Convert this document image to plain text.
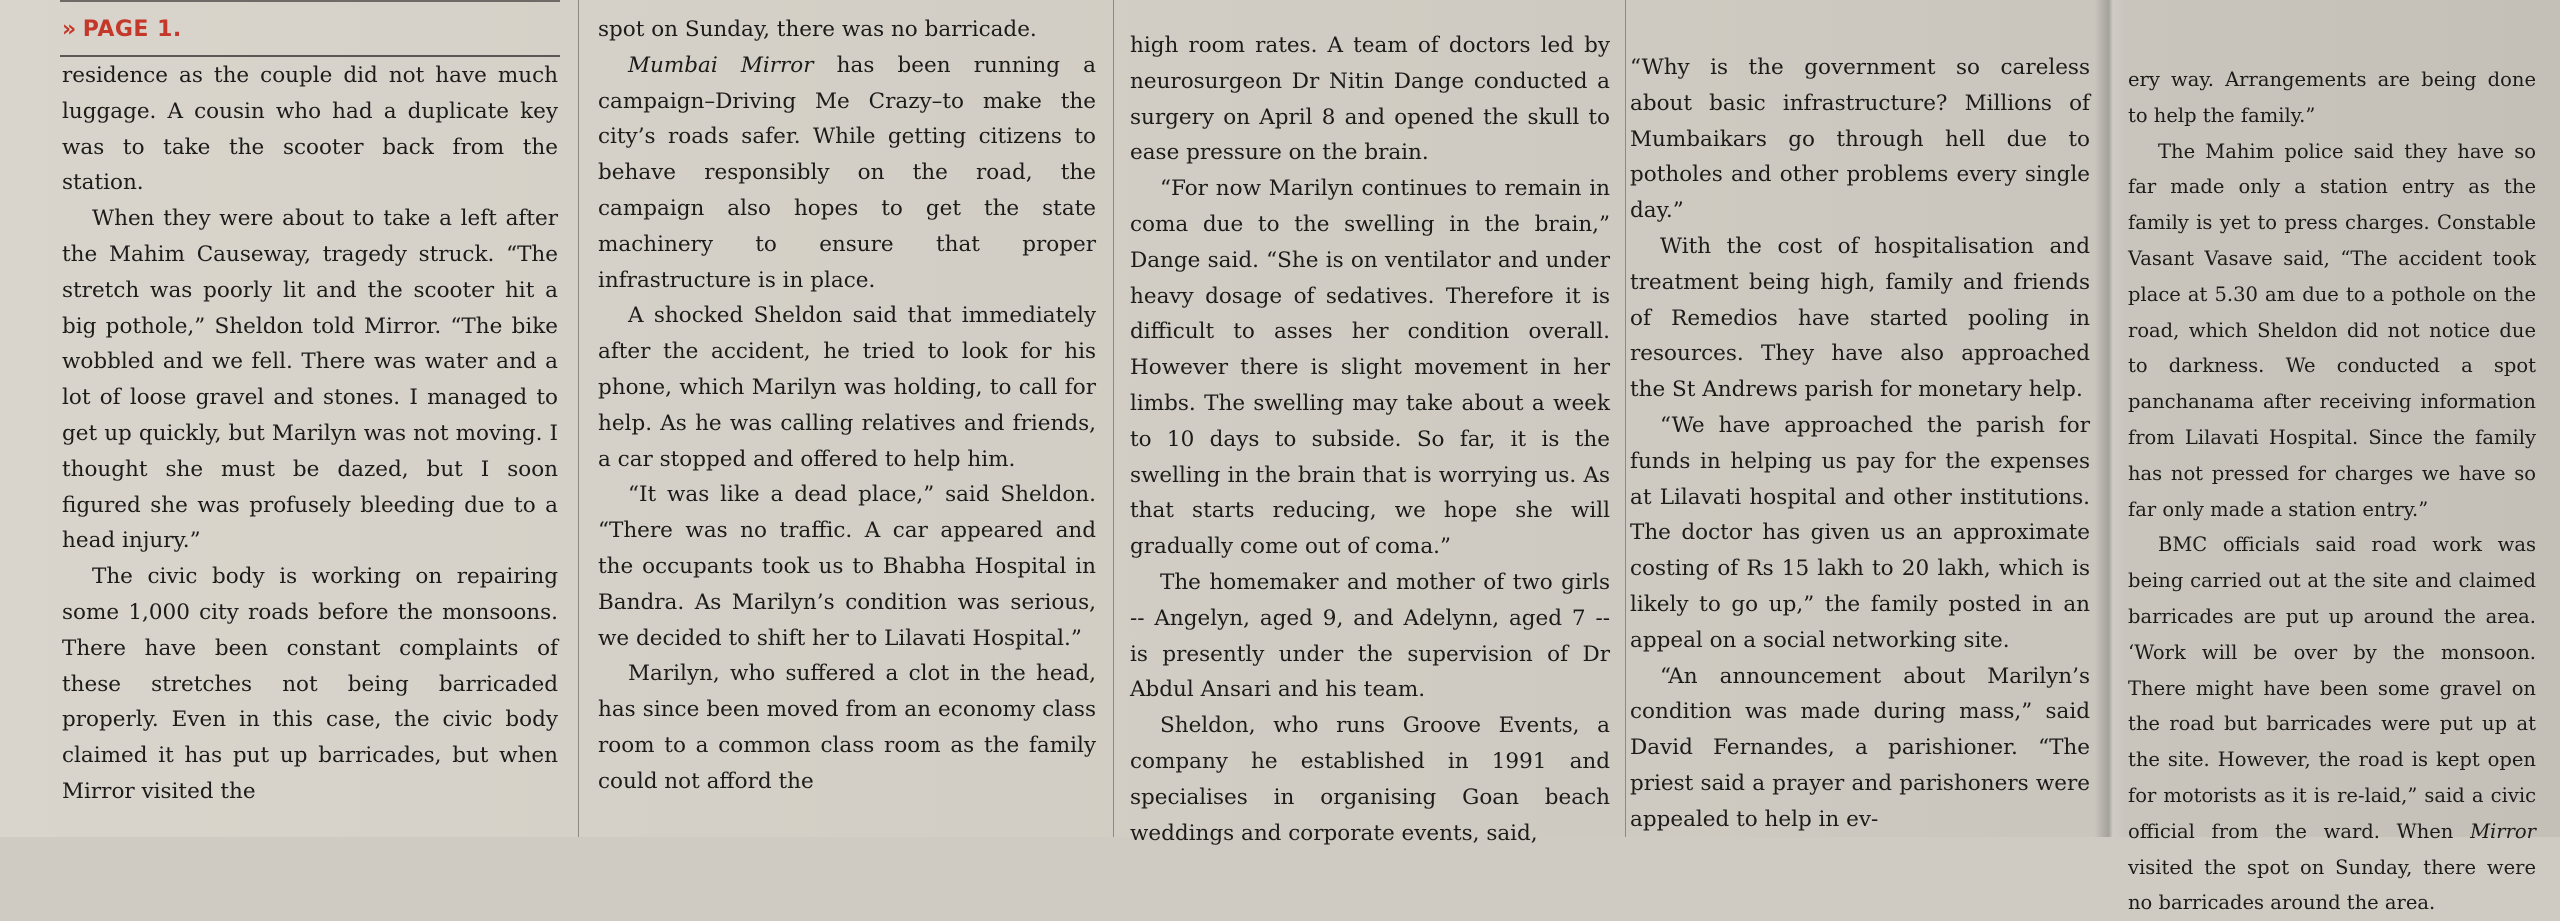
» PAGE 1.

residence as the couple did not have much luggage. A cousin who had a duplicate key was to take the scooter back from the station.

When they were about to take a left after the Mahim Causeway, tragedy struck. “The stretch was poorly lit and the scooter hit a big pothole,” Sheldon told Mirror. “The bike wobbled and we fell. There was water and a lot of loose gravel and stones. I managed to get up quickly, but Marilyn was not moving. I thought she must be dazed, but I soon figured she was profusely bleeding due to a head injury.”

The civic body is working on repairing some 1,000 city roads before the monsoons. There have been constant complaints of these stretches not being barricaded properly. Even in this case, the civic body claimed it has put up barricades, but when Mirror visited the

spot on Sunday, there was no barricade.

Mumbai Mirror has been running a campaign–Driving Me Crazy–to make the city’s roads safer. While getting citizens to behave responsibly on the road, the campaign also hopes to get the state machinery to ensure that proper infrastructure is in place.

A shocked Sheldon said that immediately after the accident, he tried to look for his phone, which Marilyn was holding, to call for help. As he was calling relatives and friends, a car stopped and offered to help him.

“It was like a dead place,” said Sheldon. “There was no traffic. A car appeared and the occupants took us to Bhabha Hospital in Bandra. As Marilyn’s condition was serious, we decided to shift her to Lilavati Hospital.”

Marilyn, who suffered a clot in the head, has since been moved from an economy class room to a common class room as the family could not afford the

high room rates. A team of doctors led by neurosurgeon Dr Nitin Dange conducted a surgery on April 8 and opened the skull to ease pressure on the brain.

“For now Marilyn continues to remain in coma due to the swelling in the brain,” Dange said. “She is on ventilator and under heavy dosage of sedatives. Therefore it is difficult to asses her condition overall. However there is slight movement in her limbs. The swelling may take about a week to 10 days to subside. So far, it is the swelling in the brain that is worrying us. As that starts reducing, we hope she will gradually come out of coma.”

The homemaker and mother of two girls -- Angelyn, aged 9, and Adelynn, aged 7 -- is presently under the supervision of Dr Abdul Ansari and his team.

Sheldon, who runs Groove Events, a company he established in 1991 and specialises in organising Goan beach weddings and corporate events, said,

“Why is the government so careless about basic infrastructure? Millions of Mumbaikars go through hell due to potholes and other problems every single day.”

With the cost of hospitalisation and treatment being high, family and friends of Remedios have started pooling in resources. They have also approached the St Andrews parish for monetary help.

“We have approached the parish for funds in helping us pay for the expenses at Lilavati hospital and other institutions. The doctor has given us an approximate costing of Rs 15 lakh to 20 lakh, which is likely to go up,” the family posted in an appeal on a social networking site.

“An announcement about Marilyn’s condition was made during mass,” said David Fernandes, a parishioner. “The priest said a prayer and parishoners were appealed to help in ev-

ery way. Arrangements are being done to help the family.”

The Mahim police said they have so far made only a station entry as the family is yet to press charges. Constable Vasant Vasave said, “The accident took place at 5.30 am due to a pothole on the road, which Sheldon did not notice due to darkness. We conducted a spot panchanama after receiving information from Lilavati Hospital. Since the family has not pressed for charges we have so far only made a station entry.”

BMC officials said road work was being carried out at the site and claimed barricades are put up around the area. ‘Work will be over by the monsoon. There might have been some gravel on the road but barricades were put up at the site. However, the road is kept open for motorists as it is re-laid,” said a civic official from the ward. When Mirror visited the spot on Sunday, there were no barricades around the area.
